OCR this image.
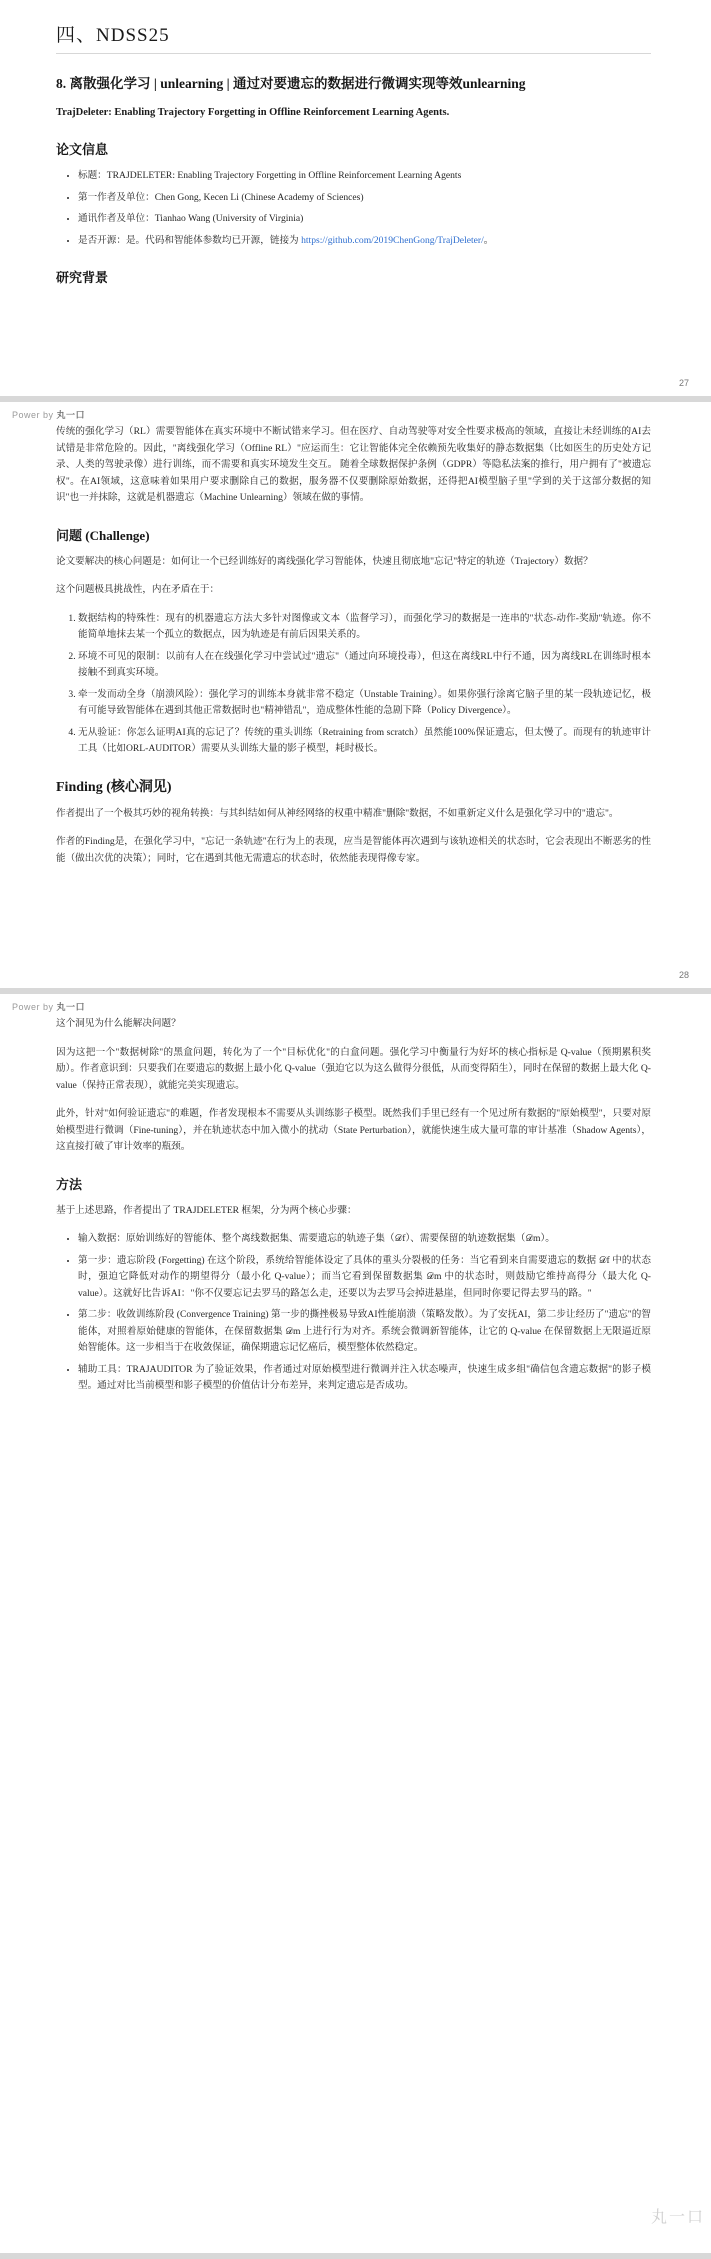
四、NDSS25
8. 离散强化学习 | unlearning | 通过对要遗忘的数据进行微调实现等效unlearning
TrajDeleter: Enabling Trajectory Forgetting in Offline Reinforcement Learning Agents.
论文信息
• 标题：TRAJDELETER: Enabling Trajectory Forgetting in Offline Reinforcement Learning Agents
• 第一作者及单位：Chen Gong, Kecen Li (Chinese Academy of Sciences)
• 通讯作者及单位：Tianhao Wang (University of Virginia)
• 是否开源：是。代码和智能体参数均已开源，链接为 https://github.com/2019ChenGong/TrajDeleter/。
研究背景
27
Power by 丸一口

传统的强化学习（RL）需要智能体在真实环境中不断试错来学习。但在医疗、自动驾驶等对安全性要求极高的领域，直接让未经训练的AI去试错是非常危险的。因此，"离线强化学习（Offline RL）"应运而生：它让智能体完全依赖预先收集好的静态数据集（比如医生的历史处方记录、人类的驾驶录像）进行训练，而不需要和真实环境发生交互。 随着全球数据保护条例（GDPR）等隐私法案的推行，用户拥有了"被遗忘权"。在AI领域，这意味着如果用户要求删除自己的数据，服务器不仅要删除原始数据，还得把AI模型脑子里"学到的关于这部分数据的知识"也一并抹除，这就是机器遗忘（Machine Unlearning）领域在做的事情。

问题 (Challenge)

论文要解决的核心问题是：如何让一个已经训练好的离线强化学习智能体，快速且彻底地"忘记"特定的轨迹（Trajectory）数据？

这个问题极具挑战性，内在矛盾在于：

1. 数据结构的特殊性：现有的机器遗忘方法大多针对图像或文本（监督学习），而强化学习的数据是一连串的"状态-动作-奖励"轨迹。你不能简单地抹去某一个孤立的数据点，因为轨迹是有前后因果关系的。
2. 环境不可见的限制：以前有人在在线强化学习中尝试过"遗忘"（通过向环境投毒），但这在离线RL中行不通，因为离线RL在训练时根本接触不到真实环境。
3. 牵一发而动全身（崩溃风险）：强化学习的训练本身就非常不稳定（Unstable Training）。如果你强行涂离它脑子里的某一段轨迹记忆，极有可能导致智能体在遇到其他正常数据时也"精神错乱"，造成整体性能的急剧下降（Policy Divergence）。
4. 无从验证：你怎么证明AI真的忘记了？传统的重头训练（Retraining from scratch）虽然能100%保证遗忘，但太慢了。而现有的轨迹审计工具（比如ORL-AUDITOR）需要从头训练大量的影子模型，耗时极长。
Finding (核心洞见)

作者提出了一个极其巧妙的视角转换：与其纠结如何从神经网络的权重中精准"删除"数据，不如重新定义什么是强化学习中的"遗忘"。

作者的Finding是，在强化学习中，"忘记一条轨迹"在行为上的表现，应当是智能体再次遇到与该轨迹相关的状态时，它会表现出不断恶劣的性能（做出次优的决策）；同时，它在遇到其他无需遗忘的状态时，依然能表现得像专家。

28
Power by 丸一口

这个洞见为什么能解决问题？

因为这把一个"数据树除"的黑盒问题，转化为了一个"目标优化"的白盒问题。强化学习中衡量行为好坏的核心指标是 Q-value（预期累积奖励）。作者意识到：只要我们在要遗忘的数据上最小化 Q-value（强迫它以为这么做得分很低，从而变得陌生），同时在保留的数据上最大化 Q-value（保持正常表现），就能完美实现遗忘。

此外，针对"如何验证遗忘"的难题，作者发现根本不需要从头训练影子模型。既然我们手里已经有一个见过所有数据的"原始模型"，只要对原始模型进行微调（Fine-tuning），并在轨迹状态中加入微小的扰动（State Perturbation），就能快速生成大量可靠的审计基准（Shadow Agents），这直接打破了审计效率的瓶颈。

方法

基于上述思路，作者提出了 TRAJDELETER 框架，分为两个核心步骤：

• 输入数据：原始训练好的智能体、整个离线数据集、需要遗忘的轨迹子集（𝒟f）、需要保留的轨迹数据集（𝒟m）。
• 第一步：遗忘阶段 (Forgetting) 在这个阶段，系统给智能体设定了具体的重头分裂极的任务：当它看到来自需要遗忘的数据 𝒟f 中的状态时，强迫它降低对动作的期望得分（最小化 Q-value）；而当它看到保留数据集 𝒟m 中的状态时，则鼓励它维持高得分（最大化 Q-value）。这就好比告诉AI："你不仅要忘记去罗马的路怎么走，还要以为去罗马会掉进悬崖，但同时你要记得去罗马的路。"
• 第二步：收敛训练阶段 (Convergence Training) 第一步的撕挫极易导致AI性能崩溃（策略发散）。为了安抚AI，第二步让经历了"遗忘"的智能体，对照着原始健康的智能体，在保留数据集 𝒟m 上进行行为对齐。系统会微调新智能体，让它的 Q-value 在保留数据上无限逼近原始智能体。这一步相当于在收敛保证，确保期遗忘记忆癌后，模型整体依然稳定。
• 辅助工具：TRAJAUDITOR 为了验证效果，作者通过对原始模型进行微调并注入状态噪声，快速生成多组"确信包含遗忘数据"的影子模型。通过对比当前模型和影子模型的价值估计分布差异，来判定遗忘是否成功。
丸一口
